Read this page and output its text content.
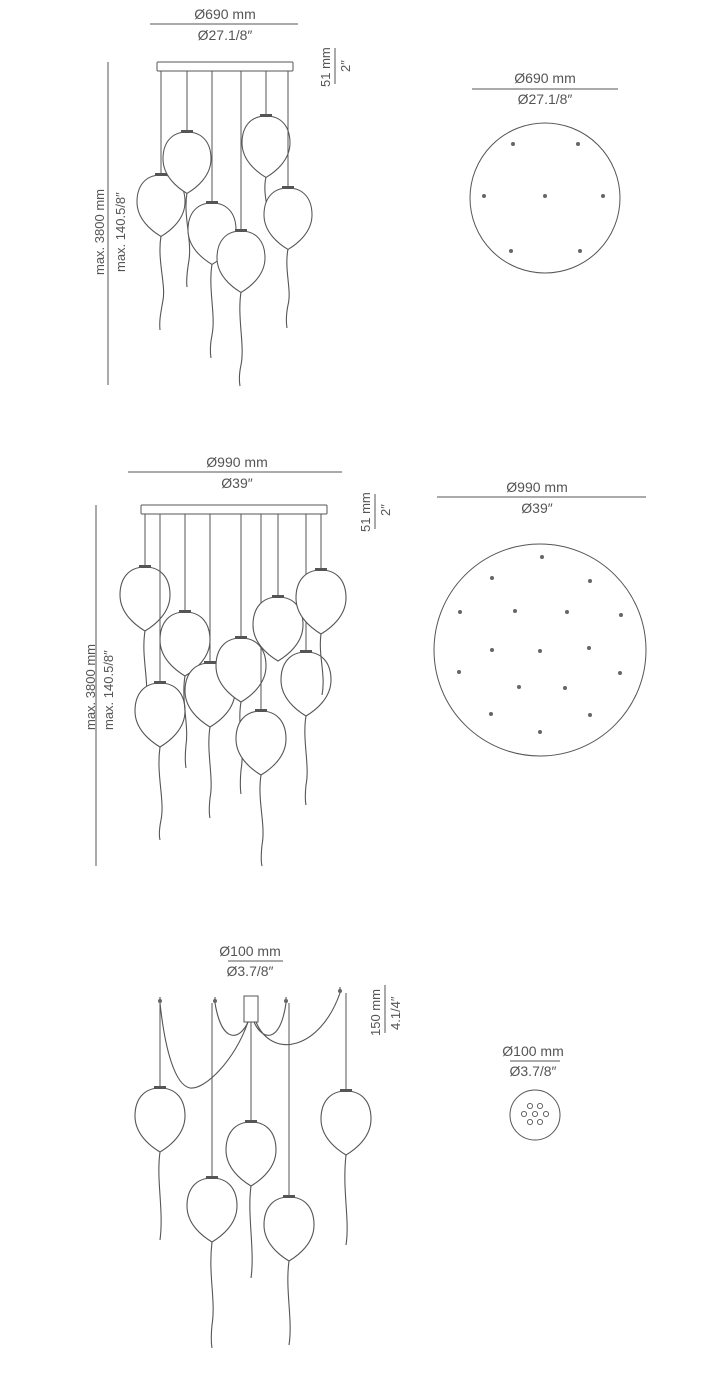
Ø690 mm
Ø27.1/8″
51 mm 2″
max. 3800 mm max. 140.5/8″
Ø690 mm
Ø27.1/8″
Ø990 mm
Ø39″
51 mm 2″
max. 3800 mm max. 140.5/8″
Ø990 mm
Ø39″
Ø100 mm
Ø3.7/8″
150 mm 4.1/4″
Ø100 mm
Ø3.7/8″
